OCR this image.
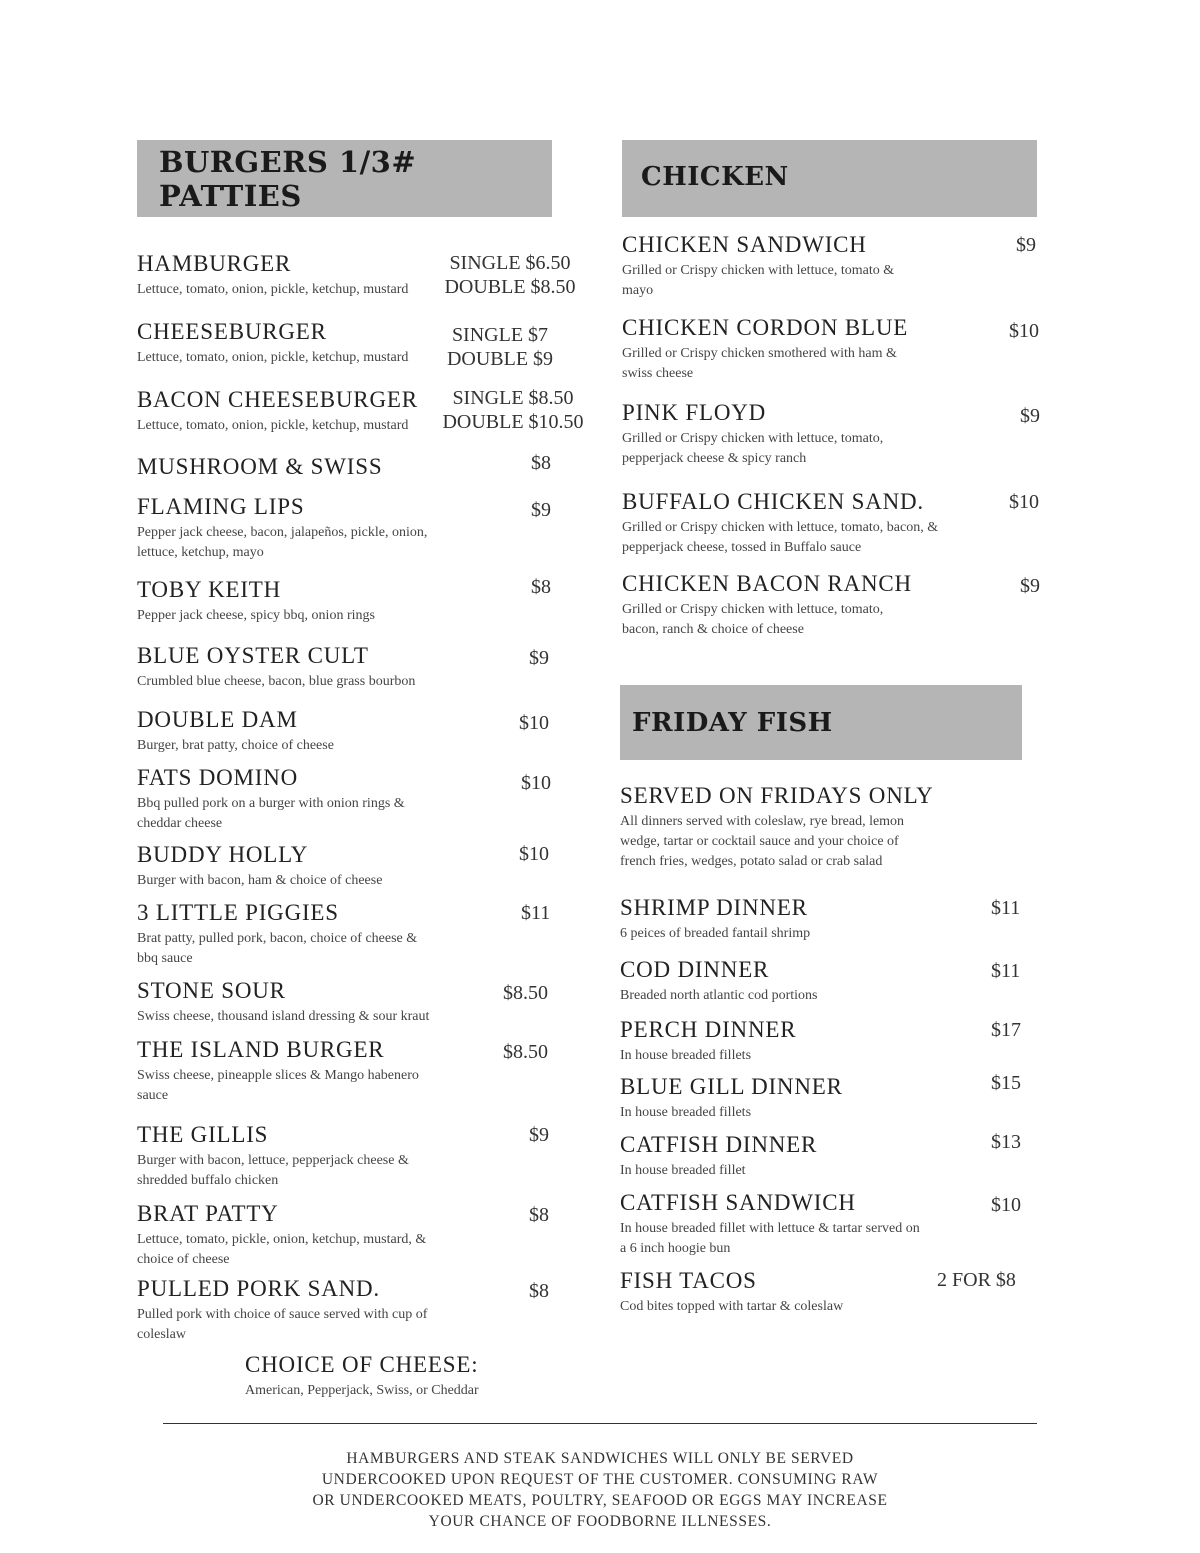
BURGERS 1/3# PATTIES
HAMBURGER
Lettuce, tomato, onion, pickle, ketchup, mustard
SINGLE $6.50
DOUBLE $8.50
CHEESEBURGER
Lettuce, tomato, onion, pickle, ketchup, mustard
SINGLE $7
DOUBLE $9
BACON CHEESEBURGER
Lettuce, tomato, onion, pickle, ketchup, mustard
SINGLE $8.50
DOUBLE $10.50
MUSHROOM & SWISS	$8
FLAMING LIPS
Pepper jack cheese, bacon, jalapeños, pickle, onion, lettuce, ketchup, mayo
$9
TOBY KEITH
Pepper jack cheese, spicy bbq, onion rings
$8
BLUE OYSTER CULT
Crumbled blue cheese, bacon, blue grass bourbon
$9
DOUBLE DAM
Burger, brat patty, choice of cheese
$10
FATS DOMINO
Bbq pulled pork on a burger with onion rings & cheddar cheese
$10
BUDDY HOLLY
Burger with bacon, ham & choice of cheese
$10
3 LITTLE PIGGIES
Brat patty, pulled pork, bacon, choice of cheese & bbq sauce
$11
STONE SOUR
Swiss cheese, thousand island dressing & sour kraut
$8.50
THE ISLAND BURGER
Swiss cheese, pineapple slices & Mango habenero sauce
$8.50
THE GILLIS
Burger with bacon, lettuce, pepperjack cheese & shredded buffalo chicken
$9
BRAT PATTY
Lettuce, tomato, pickle, onion, ketchup, mustard, & choice of cheese
$8
PULLED PORK SAND.
Pulled pork with choice of sauce served with cup of coleslaw
$8
CHOICE OF CHEESE:
American, Pepperjack, Swiss, or Cheddar
CHICKEN
CHICKEN SANDWICH
Grilled or Crispy chicken with lettuce, tomato & mayo
$9
CHICKEN CORDON BLUE
Grilled or Crispy chicken smothered with ham & swiss cheese
$10
PINK FLOYD
Grilled or Crispy chicken with lettuce, tomato, pepperjack cheese & spicy ranch
$9
BUFFALO CHICKEN SAND.
Grilled or Crispy chicken with lettuce, tomato, bacon, & pepperjack cheese, tossed in Buffalo sauce
$10
CHICKEN BACON RANCH
Grilled or Crispy chicken with lettuce, tomato, bacon, ranch & choice of cheese
$9
FRIDAY FISH
SERVED ON FRIDAYS ONLY
All dinners served with coleslaw, rye bread, lemon wedge, tartar or cocktail sauce and your choice of french fries, wedges, potato salad or crab salad
SHRIMP DINNER
6 peices of breaded fantail shrimp
$11
COD DINNER
Breaded north atlantic cod portions
$11
PERCH DINNER
In house breaded fillets
$17
BLUE GILL DINNER
In house breaded fillets
$15
CATFISH DINNER
In house breaded fillet
$13
CATFISH SANDWICH
In house breaded fillet with lettuce & tartar served on a 6 inch hoogie bun
$10
FISH TACOS
Cod bites topped with tartar & coleslaw
2 FOR $8
HAMBURGERS AND STEAK SANDWICHES WILL ONLY BE SERVED
UNDERCOOKED UPON REQUEST OF THE CUSTOMER. CONSUMING RAW
OR UNDERCOOKED MEATS, POULTRY, SEAFOOD OR EGGS MAY INCREASE
YOUR CHANCE OF FOODBORNE ILLNESSES.
